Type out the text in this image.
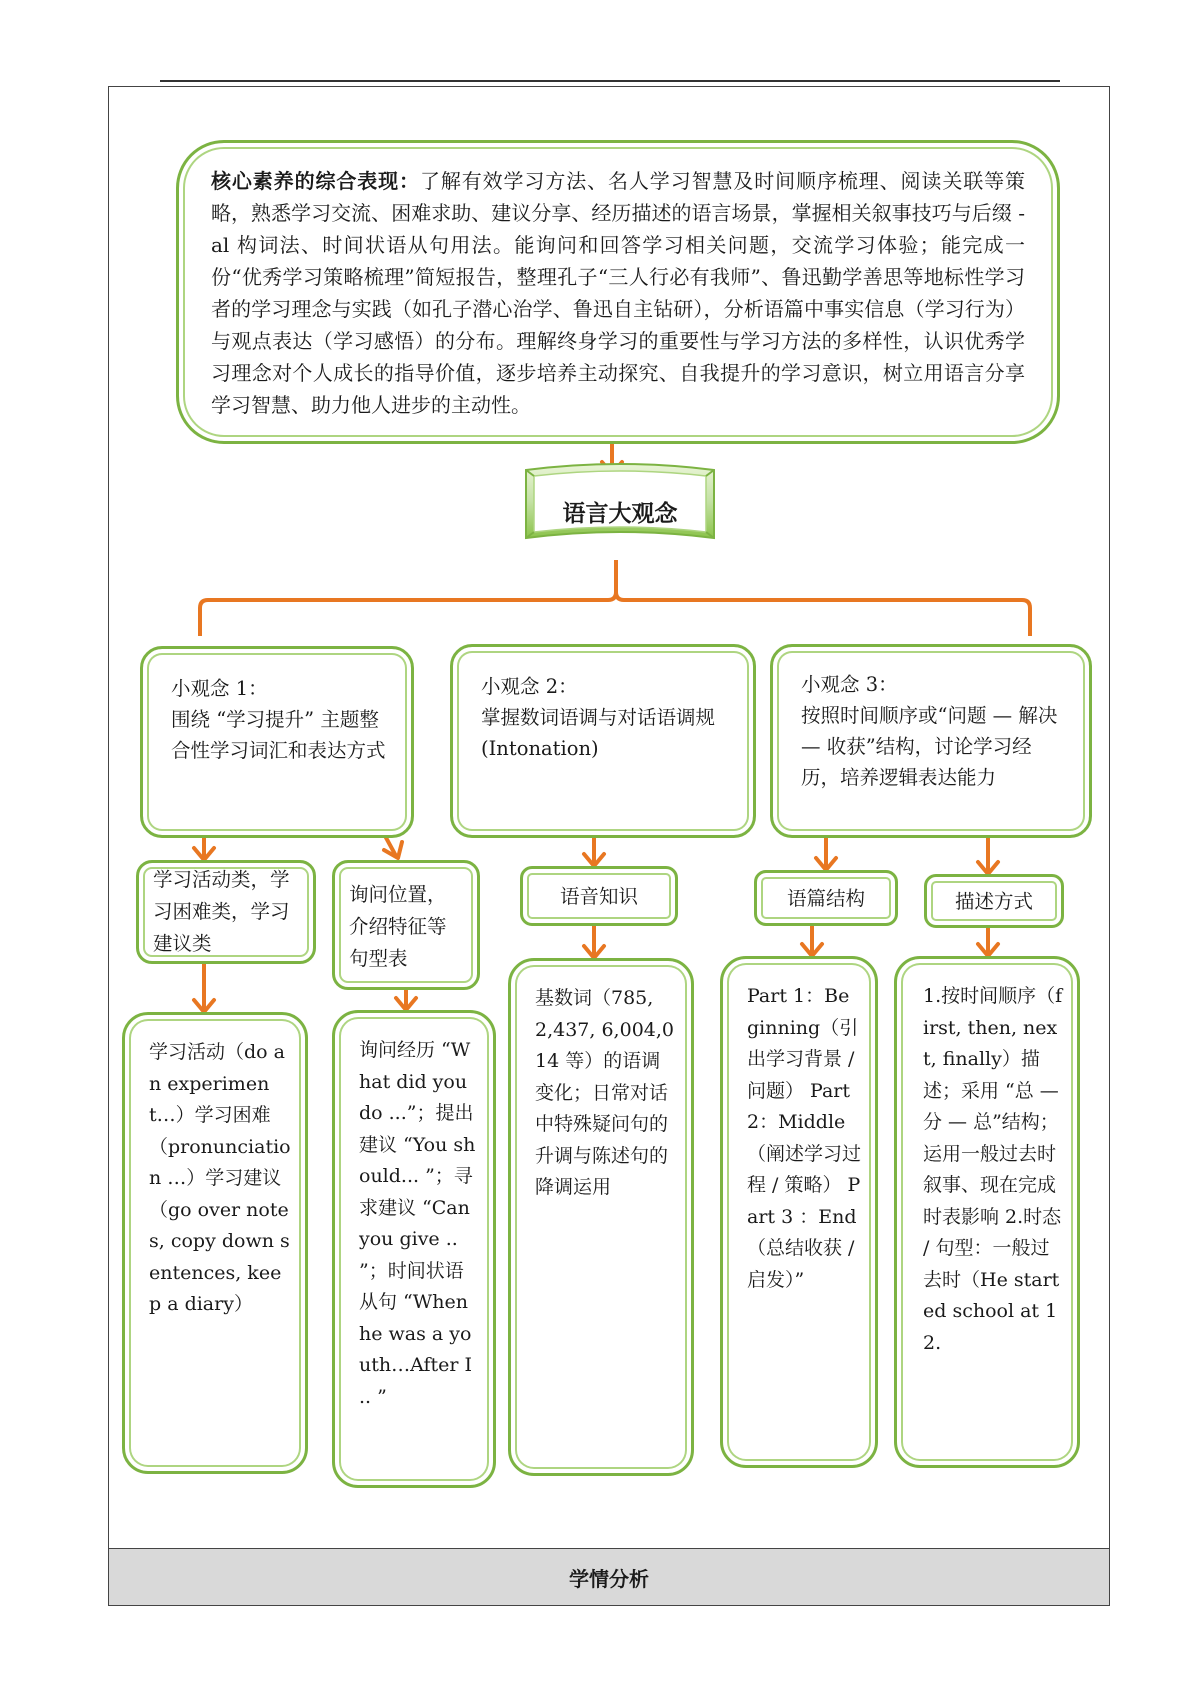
核心素养的综合表现：了解有效学习方法、名人学习智慧及时间顺序梳理、阅读关联等策略，熟悉学习交流、困难求助、建议分享、经历描述的语言场景，掌握相关叙事技巧与后缀 -al 构词法、时间状语从句用法。能询问和回答学习相关问题，交流学习体验；能完成一份“优秀学习策略梳理”简短报告，整理孔子“三人行必有我师”、鲁迅勤学善思等地标性学习者的学习理念与实践（如孔子潜心治学、鲁迅自主钻研），分析语篇中事实信息（学习行为）与观点表达（学习感悟）的分布。理解终身学习的重要性与学习方法的多样性，认识优秀学习理念对个人成长的指导价值，逐步培养主动探究、自我提升的学习意识，树立用语言分享学习智慧、助力他人进步的主动性。
语言大观念
小观念 1：
围绕 “学习提升” 主题整合性学习词汇和表达方式
小观念 2：
掌握数词语调与对话语调规(Intonation)
小观念 3：
按照时间顺序或“问题 — 解决 — 收获”结构，讨论学习经历，培养逻辑表达能力
学习活动类，学习困难类，学习建议类
询问位置，介绍特征等句型表
语音知识	语篇结构	描述方式
学习活动（do an experiment…）学习困难（pronunciation …）学习建议（go over notes, copy down sentences, keep a diary）
询问经历 “What did you do ...”；提出建议 “You should... ”；寻求建议 “Can you give .. ”；时间状语从句 “When he was a youth…After I .. ”
基数词（785, 2,437, 6,004,014 等）的语调变化；日常对话中特殊疑问句的升调与陈述句的降调运用
Part 1：Beginning（引出学习背景 / 问题） Part 2：Middle（阐述学习过程 / 策略） Part 3 ：End（总结收获 / 启发）”
1.按时间顺序（first, then, next, finally）描述；采用 “总 — 分 — 总”结构；运用一般过去时叙事、现在完成时表影响 2.时态 / 句型：一般过去时（He started school at 12.
学情分析
